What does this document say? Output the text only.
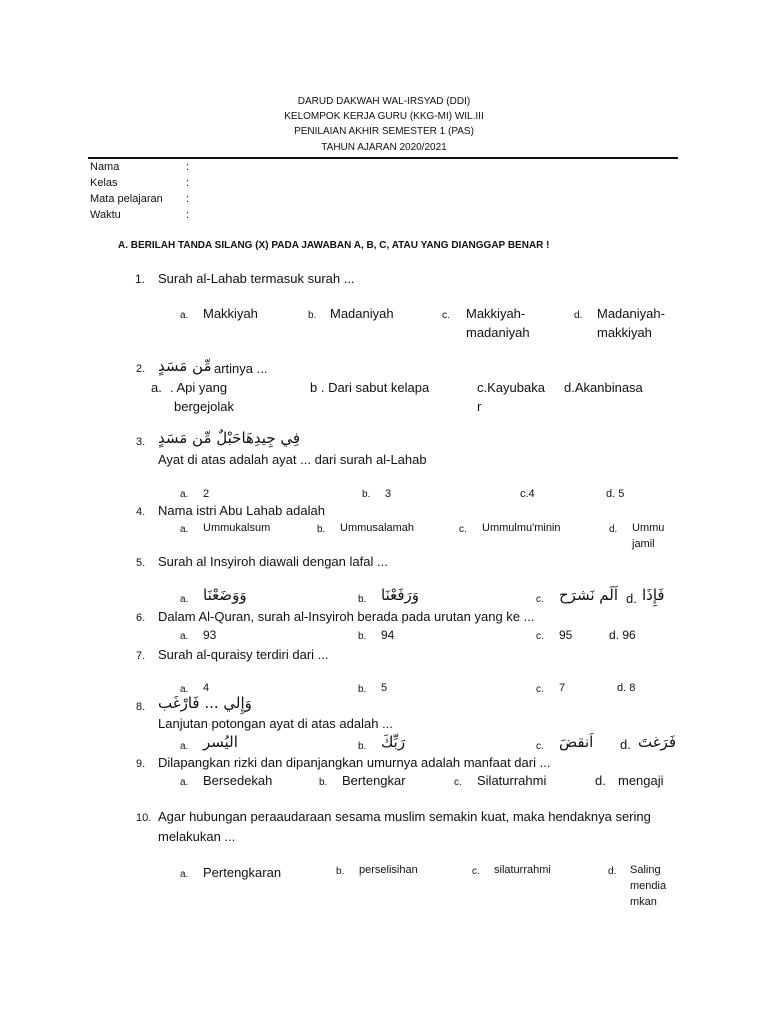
DARUD DAKWAH WAL-IRSYAD (DDI)
KELOMPOK KERJA GURU (KKG-MI) WIL.III
PENILAIAN AKHIR SEMESTER 1 (PAS)
TAHUN AJARAN 2020/2021
Nama	:
Kelas	:
Mata pelajaran :
Waktu	:
A. BERILAH TANDA SILANG (X) PADA JAWABAN A, B, C, ATAU YANG DIANGGAP BENAR !
1. Surah al-Lahab termasuk surah ...
a. Makkiyah	b. Madaniyah	c. Makkiyah-
madaniyah
d. Madaniyah-
makkiyah
2. مِّن مَسَدٍ artinya ...
a. . Api yang
bergejolak
b . Dari sabut kelapa	c.Kayubaka
r
d.Akanbinasa
3. فِي جِيدِهَاحَبْلٌ مِّن مَسَدٍ
Ayat di atas adalah ayat ... dari surah al-Lahab
a. 2	b. 3	c.4	d. 5
4. Nama istri Abu Lahab adalah
a. Ummukalsum	b. Ummusalamah	c. Ummulmu'minin	d. Ummu
jamil
5. Surah al Insyiroh diawali dengan lafal ...
a. وَوَضَعْنَا	b. وَرَفَعْنَا	c. اَلَم نَشرَح d. فَإِذَا
6. Dalam Al-Quran, surah al-Insyiroh berada pada urutan yang ke ...
a. 93	b. 94	c. 95	d. 96
7. Surah al-quraisy terdiri dari ...
a. 4	b. 5	c. 7	d. 8
8. وَإِلي ... فَارْغَب
Lanjutan potongan ayat di atas adalah ...
a. اليُسر	b. رَبِّكَ	c. اَنقضَ d. فَرَغتَ
9. Dilapangkan rizki dan dipanjangkan umurnya adalah manfaat dari ...
a. Bersedekah	b. Bertengkar	c. Silaturrahmi	d. mengaji
10. Agar hubungan peraaudaraan sesama muslim semakin kuat, maka hendaknya sering
melakukan ...
a. Pertengkaran	b. perselisihan	c. silaturrahmi	d. Saling
mendia
mkan
